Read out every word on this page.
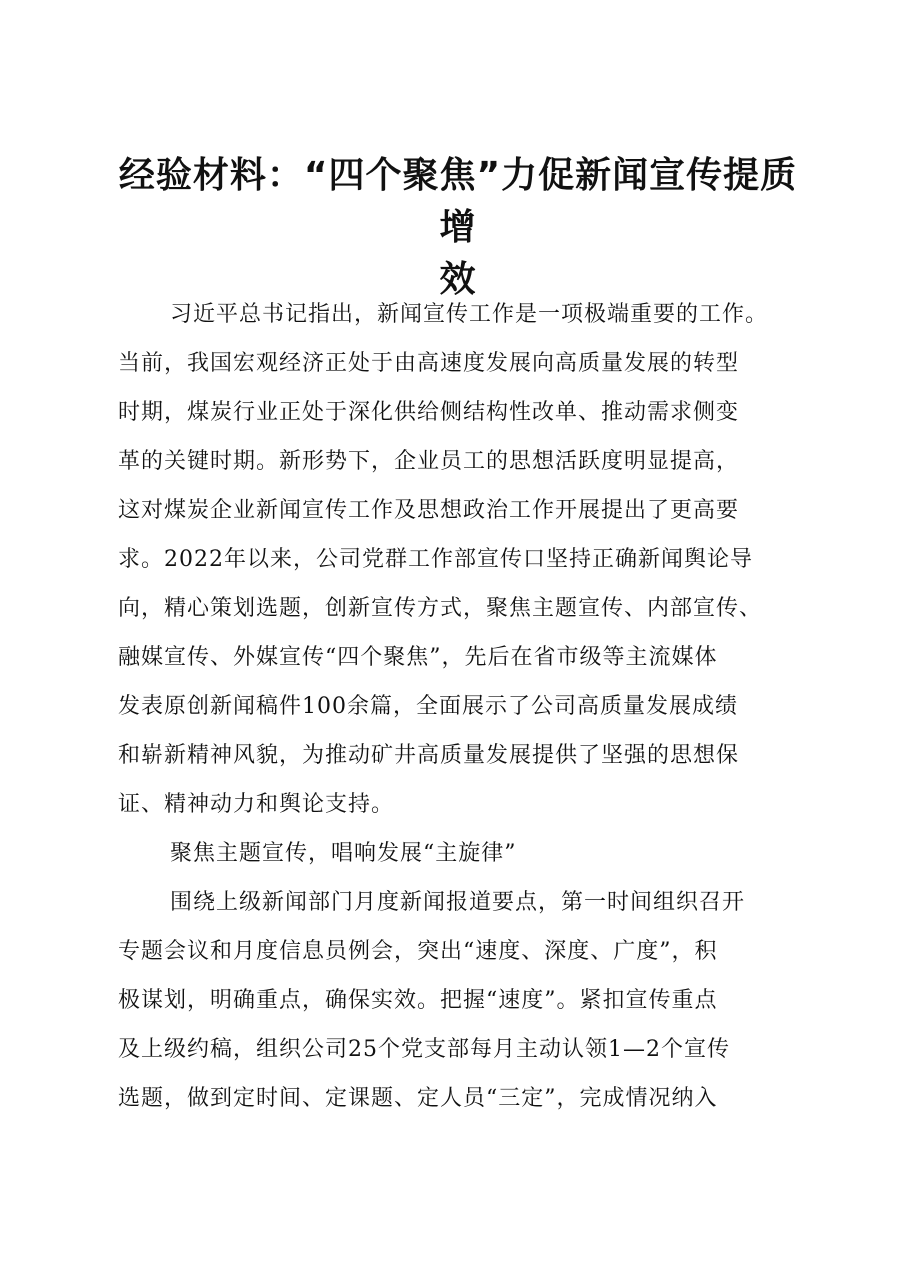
经验材料：“四个聚焦”力促新闻宣传提质增
效
习近平总书记指出，新闻宣传工作是一项极端重要的工作。
当前，我国宏观经济正处于由高速度发展向高质量发展的转型
时期，煤炭行业正处于深化供给侧结构性改单、推动需求侧变
革的关键时期。新形势下，企业员工的思想活跃度明显提高，
这对煤炭企业新闻宣传工作及思想政治工作开展提出了更高要
求。2022年以来，公司党群工作部宣传口坚持正确新闻舆论导
向，精心策划选题，创新宣传方式，聚焦主题宣传、内部宣传、
融媒宣传、外媒宣传“四个聚焦”，先后在省市级等主流媒体
发表原创新闻稿件100余篇，全面展示了公司高质量发展成绩
和崭新精神风貌，为推动矿井高质量发展提供了坚强的思想保
证、精神动力和舆论支持。
聚焦主题宣传，唱响发展“主旋律”
围绕上级新闻部门月度新闻报道要点，第一时间组织召开
专题会议和月度信息员例会，突出“速度、深度、广度”，积
极谋划，明确重点，确保实效。把握“速度”。紧扣宣传重点
及上级约稿，组织公司25个党支部每月主动认领1—2个宣传
选题，做到定时间、定课题、定人员“三定”，完成情况纳入
